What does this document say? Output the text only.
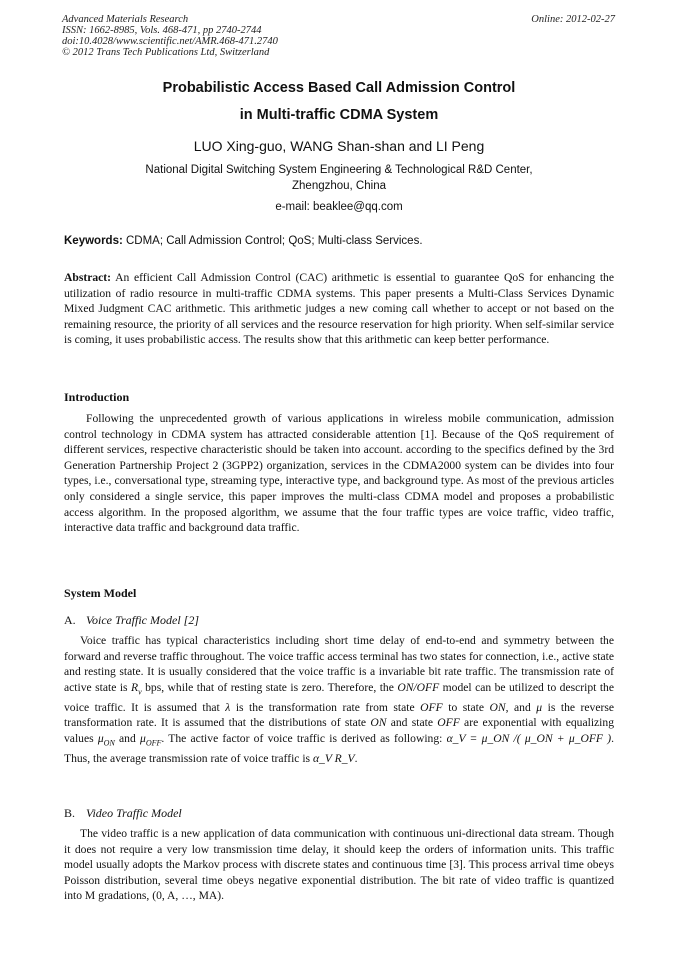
Advanced Materials Research
ISSN: 1662-8985, Vols. 468-471, pp 2740-2744
doi:10.4028/www.scientific.net/AMR.468-471.2740
© 2012 Trans Tech Publications Ltd, Switzerland
Online: 2012-02-27
Probabilistic Access Based Call Admission Control
in Multi-traffic CDMA System
LUO Xing-guo, WANG Shan-shan and LI Peng
National Digital Switching System Engineering & Technological R&D Center,
Zhengzhou, China
e-mail: beaklee@qq.com
Keywords: CDMA; Call Admission Control; QoS; Multi-class Services.
Abstract: An efficient Call Admission Control (CAC) arithmetic is essential to guarantee QoS for enhancing the utilization of radio resource in multi-traffic CDMA systems. This paper presents a Multi-Class Services Dynamic Mixed Judgment CAC arithmetic. This arithmetic judges a new coming call whether to accept or not based on the remaining resource, the priority of all services and the resource reservation for high priority. When self-similar service is coming, it uses probabilistic access. The results show that this arithmetic can keep better performance.
Introduction
Following the unprecedented growth of various applications in wireless mobile communication, admission control technology in CDMA system has attracted considerable attention [1]. Because of the QoS requirement of different services, respective characteristic should be taken into account. according to the specifics defined by the 3rd Generation Partnership Project 2 (3GPP2) organization, services in the CDMA2000 system can be divides into four types, i.e., conversational type, streaming type, interactive type, and background type. As most of the previous articles only considered a single service, this paper improves the multi-class CDMA model and proposes a probabilistic access algorithm. In the proposed algorithm, we assume that the four traffic types are voice traffic, video traffic, interactive data traffic and background data traffic.
System Model
A. Voice Traffic Model [2]
Voice traffic has typical characteristics including short time delay of end-to-end and symmetry between the forward and reverse traffic throughout. The voice traffic access terminal has two states for connection, i.e., active state and resting state. It is usually considered that the voice traffic is a invariable bit rate traffic. The transmission rate of active state is $R_v$ bps, while that of resting state is zero. Therefore, the ON/OFF model can be utilized to descript the voice traffic. It is assumed that λ is the transformation rate from state OFF to state ON, and μ is the reverse transformation rate. It is assumed that the distributions of state ON and state OFF are exponential with equalizing values $\mu_{ON}$ and $\mu_{OFF}$. The active factor of voice traffic is derived as following: α_V = μ_ON /( μ_ON + μ_OFF ). Thus, the average transmission rate of voice traffic is α_V R_V.
B. Video Traffic Model
The video traffic is a new application of data communication with continuous uni-directional data stream. Though it does not require a very low transmission time delay, it should keep the orders of information units. This traffic model usually adopts the Markov process with discrete states and continuous time [3]. This process arrival time obeys Poisson distribution, several time obeys negative exponential distribution. The bit rate of video traffic is quantized into M gradations, (0, A, …, MA).
